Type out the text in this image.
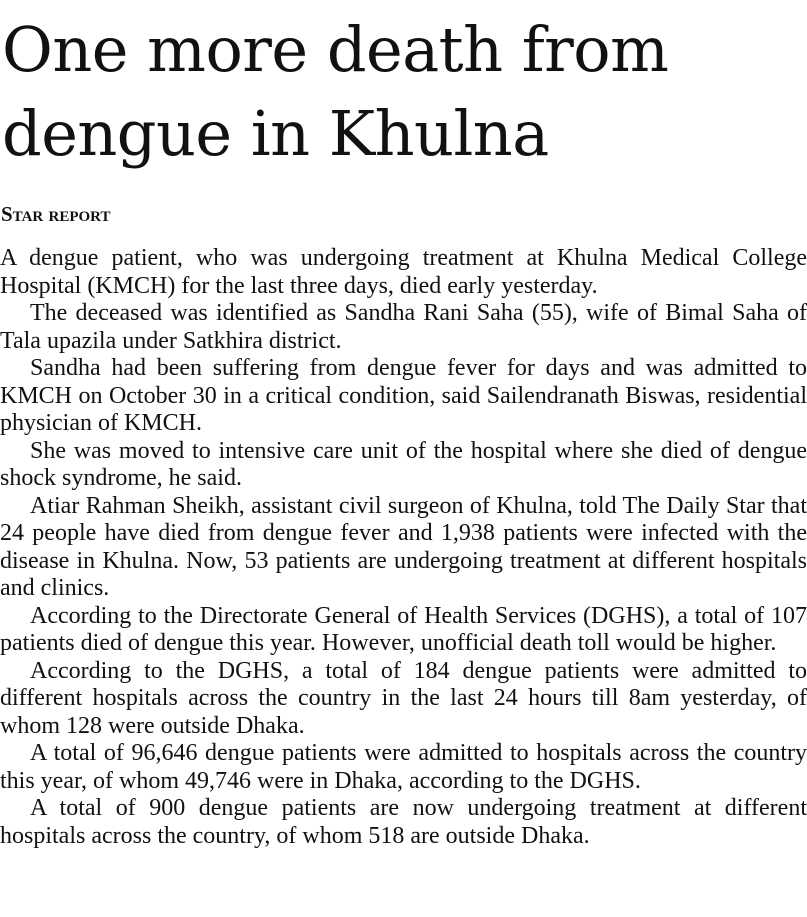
One more death from dengue in Khulna
Star report

A dengue patient, who was undergoing treatment at Khulna Medical College Hospital (KMCH) for the last three days, died early yesterday.

The deceased was identified as Sandha Rani Saha (55), wife of Bimal Saha of Tala upazila under Satkhira district.

Sandha had been suffering from dengue fever for days and was admitted to KMCH on October 30 in a critical condition, said Sailendranath Biswas, residential physician of KMCH.

She was moved to intensive care unit of the hospital where she died of dengue shock syndrome, he said.

Atiar Rahman Sheikh, assistant civil surgeon of Khulna, told The Daily Star that 24 people have died from dengue fever and 1,938 patients were infected with the disease in Khulna. Now, 53 patients are undergoing treatment at different hospitals and clinics.

According to the Directorate General of Health Services (DGHS), a total of 107 patients died of dengue this year. However, unofficial death toll would be higher.

According to the DGHS, a total of 184 dengue patients were admitted to different hospitals across the country in the last 24 hours till 8am yesterday, of whom 128 were outside Dhaka.

A total of 96,646 dengue patients were admitted to hospitals across the country this year, of whom 49,746 were in Dhaka, according to the DGHS.

A total of 900 dengue patients are now undergoing treatment at different hospitals across the country, of whom 518 are outside Dhaka.
